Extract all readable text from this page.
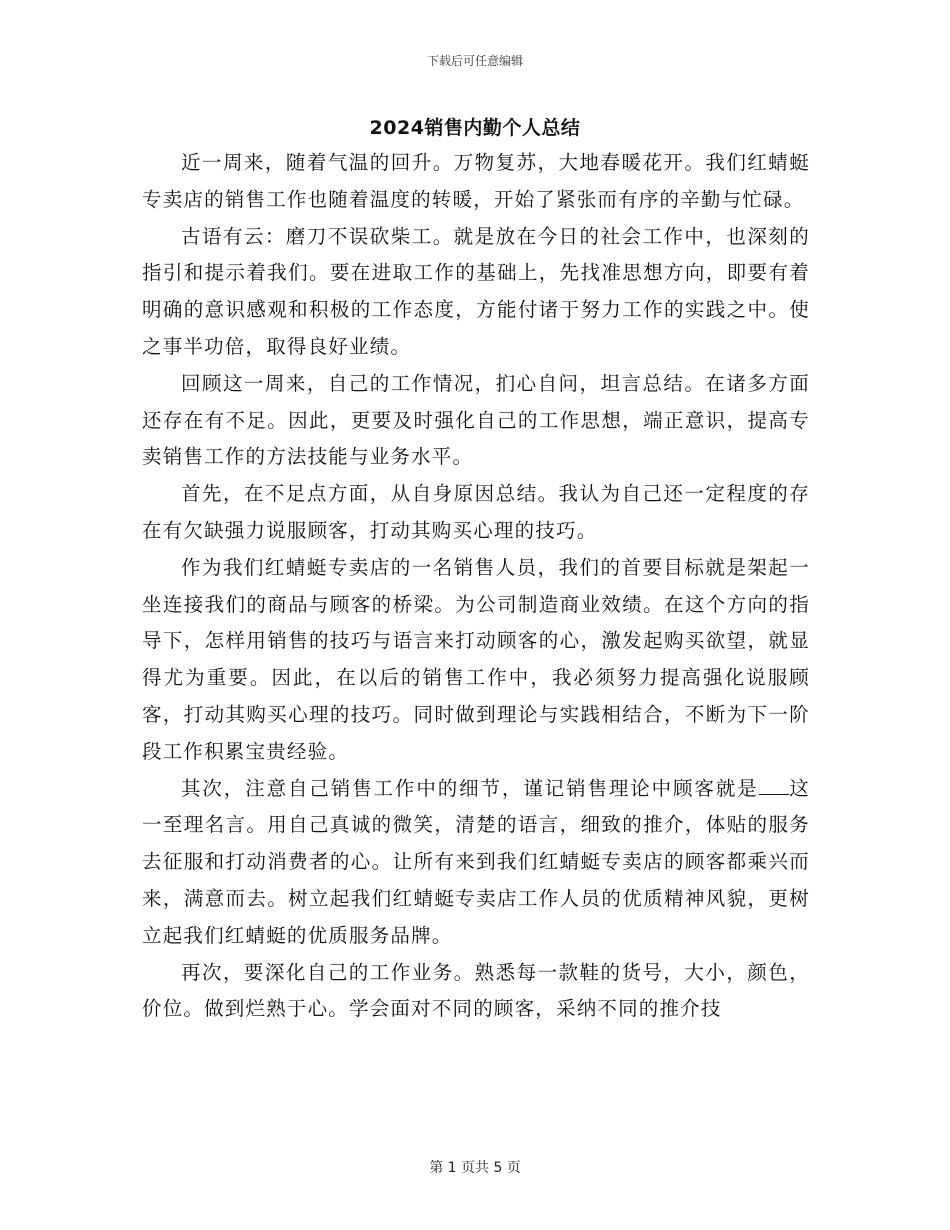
下载后可任意编辑
2024销售内勤个人总结

近一周来，随着气温的回升。万物复苏，大地春暖花开。我们红蜻蜓专卖店的销售工作也随着温度的转暖，开始了紧张而有序的辛勤与忙碌。

古语有云：磨刀不误砍柴工。就是放在今日的社会工作中，也深刻的指引和提示着我们。要在进取工作的基础上，先找准思想方向，即要有着明确的意识感观和积极的工作态度，方能付诸于努力工作的实践之中。使之事半功倍，取得良好业绩。

回顾这一周来，自己的工作情况，扪心自问，坦言总结。在诸多方面还存在有不足。因此，更要及时强化自己的工作思想，端正意识，提高专卖销售工作的方法技能与业务水平。

首先，在不足点方面，从自身原因总结。我认为自己还一定程度的存在有欠缺强力说服顾客，打动其购买心理的技巧。

作为我们红蜻蜓专卖店的一名销售人员，我们的首要目标就是架起一坐连接我们的商品与顾客的桥梁。为公司制造商业效绩。在这个方向的指导下，怎样用销售的技巧与语言来打动顾客的心，激发起购买欲望，就显得尤为重要。因此，在以后的销售工作中，我必须努力提高强化说服顾客，打动其购买心理的技巧。同时做到理论与实践相结合，不断为下一阶段工作积累宝贵经验。

其次，注意自己销售工作中的细节，谨记销售理论中顾客就是 这一至理名言。用自己真诚的微笑，清楚的语言，细致的推介，体贴的服务去征服和打动消费者的心。让所有来到我们红蜻蜓专卖店的顾客都乘兴而来，满意而去。树立起我们红蜻蜓专卖店工作人员的优质精神风貌，更树立起我们红蜻蜓的优质服务品牌。

再次，要深化自己的工作业务。熟悉每一款鞋的货号，大小，颜色，价位。做到烂熟于心。学会面对不同的顾客，采纳不同的推介技

第 1 页共 5 页
